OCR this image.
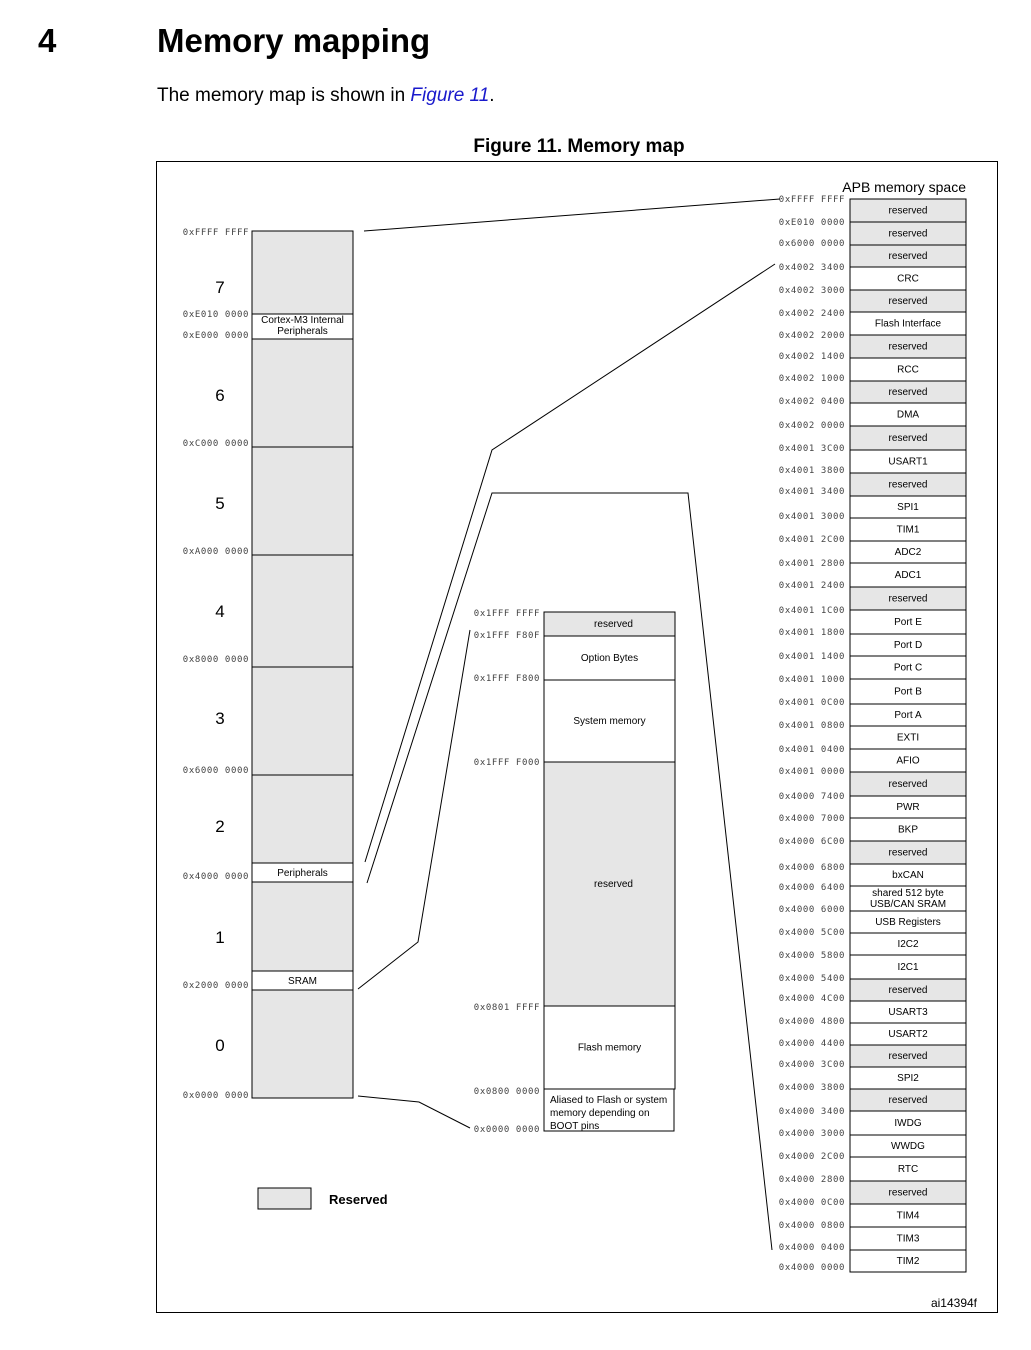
4	Memory mapping
The memory map is shown in Figure 11.
Figure 11. Memory map
Cortex-M3 Internal
Peripherals
Peripherals
SRAM
7
6
5
4
3
2
1
0
0xFFFF FFFF
0xE010 0000
0xE000 0000
0xC000 0000
0xA000 0000
0x8000 0000
0x6000 0000
0x4000 0000
0x2000 0000
0x0000 0000
reserved
Option Bytes
System memory
reserved
Flash memory
Aliased to Flash or system
memory depending on
BOOT pins
0x1FFF FFFF
0x1FFF F80F
0x1FFF F800
0x1FFF F000
0x0801 FFFF
0x0800 0000
0x0000 0000
APB memory space
reserved
reserved
reserved
CRC
reserved
Flash Interface
reserved
RCC
reserved
DMA
reserved
USART1
reserved
SPI1
TIM1
ADC2
ADC1
reserved
Port E
Port D
Port C
Port B
Port A
EXTI
AFIO
reserved
PWR
BKP
reserved
bxCAN
shared 512 byte
USB/CAN SRAM
USB Registers
I2C2
I2C1
reserved
USART3
USART2
reserved
SPI2
reserved
IWDG
WWDG
RTC
reserved
TIM4
TIM3
TIM2
0xFFFF FFFF
0xE010 0000
0x6000 0000
0x4002 3400
0x4002 3000
0x4002 2400
0x4002 2000
0x4002 1400
0x4002 1000
0x4002 0400
0x4002 0000
0x4001 3C00
0x4001 3800
0x4001 3400
0x4001 3000
0x4001 2C00
0x4001 2800
0x4001 2400
0x4001 1C00
0x4001 1800
0x4001 1400
0x4001 1000
0x4001 0C00
0x4001 0800
0x4001 0400
0x4001 0000
0x4000 7400
0x4000 7000
0x4000 6C00
0x4000 6800
0x4000 6400
0x4000 6000
0x4000 5C00
0x4000 5800
0x4000 5400
0x4000 4C00
0x4000 4800
0x4000 4400
0x4000 3C00
0x4000 3800
0x4000 3400
0x4000 3000
0x4000 2C00
0x4000 2800
0x4000 0C00
0x4000 0800
0x4000 0400
0x4000 0000
Reserved
ai14394f
